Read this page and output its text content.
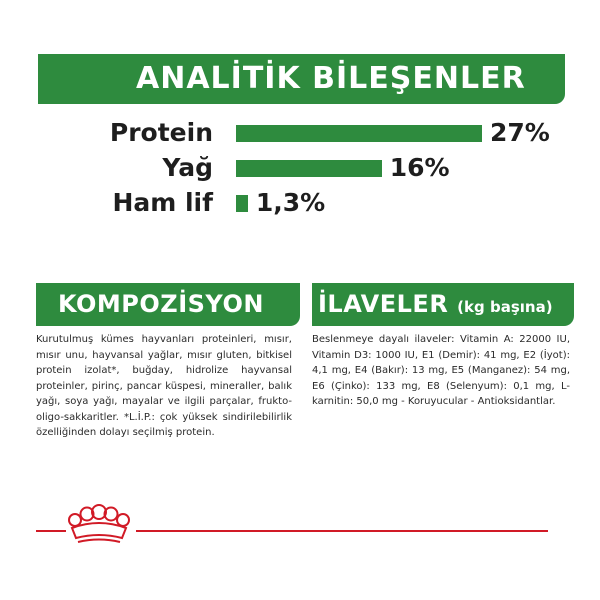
ANALİTİK BİLEŞENLER
Protein	27%
Yağ	16%
Ham lif 1,3%
KOMPOZİSYON
Kurutulmuş kümes hayvanları proteinleri, mısır, mısır unu, hayvansal yağlar, mısır gluten, bitkisel protein izolat*, buğday, hidrolize hayvansal proteinler, pirinç, pancar küspesi, mineraller, balık yağı, soya yağı, mayalar ve ilgili parçalar, frukto-oligo-sakkaritler. *L.İ.P.: çok yüksek sindirilebilirlik özelliğinden dolayı seçilmiş protein.
İLAVELER (kg başına)
Beslenmeye dayalı ilaveler: Vitamin A: 22000 IU, Vitamin D3: 1000 IU, E1 (Demir): 41 mg, E2 (İyot): 4,1 mg, E4 (Bakır): 13 mg, E5 (Manganez): 54 mg, E6 (Çinko): 133 mg, E8 (Selenyum): 0,1 mg, L-karnitin: 50,0 mg - Koruyucular - Antioksidantlar.
